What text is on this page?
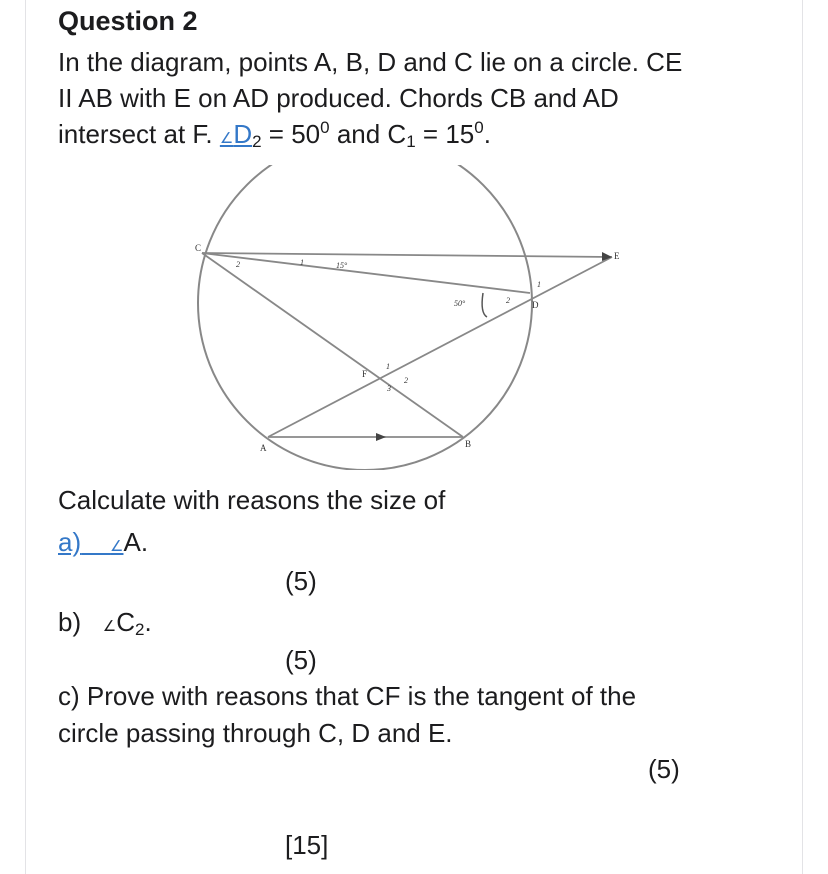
Question 2
In the diagram, points A, B, D and C lie on a circle. CE
II AB with E on AD produced. Chords CB and AD
intersect at F. $\angle D_2 = 50^0$ and $C_1 = 15^0$.
C
E
D
F
A	B
15°
50°
2	1
1
2
1
2
3
Calculate with reasons the size of
a) ∠A.
(5)
b) $\angle C_2$.
(5)
c) Prove with reasons that CF is the tangent of the
circle passing through C, D and E.
(5)
[15]
